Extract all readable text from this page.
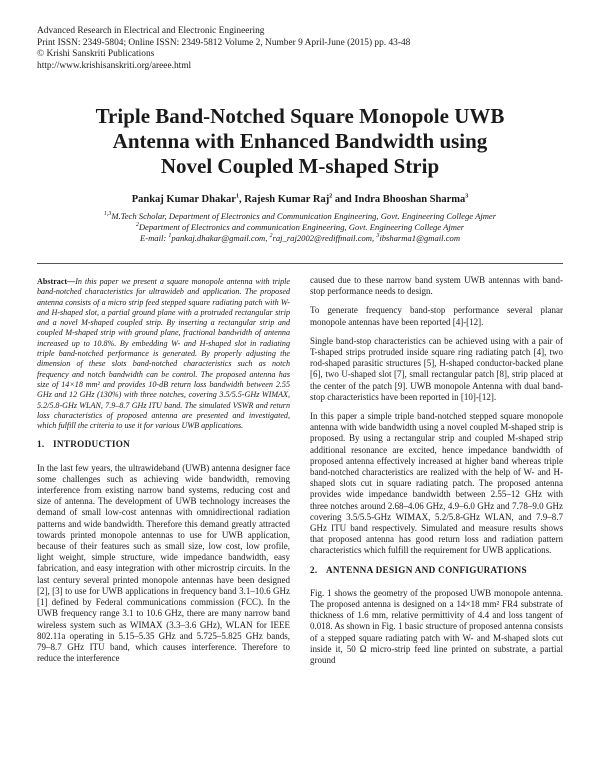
Advanced Research in Electrical and Electronic Engineering
Print ISSN: 2349-5804; Online ISSN: 2349-5812 Volume 2, Number 9 April-June (2015) pp. 43-48
© Krishi Sanskriti Publications
http://www.krishisanskriti.org/areee.html
Triple Band-Notched Square Monopole UWB
Antenna with Enhanced Bandwidth using
Novel Coupled M-shaped Strip
Pankaj Kumar Dhakar$^1$, Rajesh Kumar Raj$^2$ and Indra Bhooshan Sharma$^3$
$^{1,3}$M.Tech Scholar, Department of Electronics and Communication Engineering, Govt. Engineering College Ajmer
$^2$Department of Electronics and communication Engineering, Govt. Engineering College Ajmer
E-mail: $^1$pankaj.dhakar@gmail.com, $^2$raj_raj2002@rediffmail.com, $^3$ibsharma1@gmail.com

Abstract—In this paper we present a square monopole antenna with triple band-notched characteristics for ultrawideb and application. The proposed antenna consists of a micro strip feed stepped square radiating patch with W- and H-shaped slot, a partial ground plane with a protruded rectangular strip and a novel M-shaped coupled strip. By inserting a rectangular strip and coupled M-shaped strip with ground plane, fractional bandwidth of antenna increased up to 10.8%. By embedding W- and H-shaped slot in radiating triple band-notched performance is generated. By properly adjusting the dimension of these slots band-notched characteristics such as notch frequency and notch bandwidth can be control. The proposed antenna has size of 14×18 mm² and provides 10-dB return loss bandwidth between 2.55 GHz and 12 GHz (130%) with three notches, covering 3.5/5.5-GHz WIMAX, 5.2/5.8-GHz WLAN, 7.9–8.7 GHz ITU band. The simulated VSWR and return loss characteristics of proposed antenna are presented and investigated, which fulfill the criteria to use it for various UWB applications.

1. INTRODUCTION

In the last few years, the ultrawideband (UWB) antenna designer face some challenges such as achieving wide bandwidth, removing interference from existing narrow band systems, reducing cost and size of antenna. The development of UWB technology increases the demand of small low-cost antennas with omnidirectional radiation patterns and wide bandwidth. Therefore this demand greatly attracted towards printed monopole antennas to use for UWB application, because of their features such as small size, low cost, low profile, light weight, simple structure, wide impedance bandwidth, easy fabrication, and easy integration with other microstrip circuits. In the last century several printed monopole antennas have been designed [2], [3] to use for UWB applications in frequency band 3.1–10.6 GHz [1] defined by Federal communications commission (FCC). In the UWB frequency range 3.1 to 10.6 GHz, there are many narrow band wireless system such as WIMAX (3.3–3.6 GHz), WLAN for IEEE 802.11a operating in 5.15–5.35 GHz and 5.725–5.825 GHz bands, 79–8.7 GHz ITU band, which causes interference. Therefore to reduce the interference

caused due to these narrow band system UWB antennas with band-stop performance needs to design.

To generate frequency band-stop performance several planar monopole antennas have been reported [4]-[12].

Single band-stop characteristics can be achieved using with a pair of T-shaped strips protruded inside square ring radiating patch [4], two rod-shaped parasitic structures [5], H-shaped conductor-backed plane [6], two U-shaped slot [7], small rectangular patch [8], strip placed at the center of the patch [9]. UWB monopole Antenna with dual band-stop characteristics have been reported in [10]-[12].

In this paper a simple triple band-notched stepped square monopole antenna with wide bandwidth using a novel coupled M-shaped strip is proposed. By using a rectangular strip and coupled M-shaped strip additional resonance are excited, hence impedance bandwidth of proposed antenna effectively increased at higher band whereas triple band-notched characteristics are realized with the help of W- and H-shaped slots cut in square radiating patch. The proposed antenna provides wide impedance bandwidth between 2.55–12 GHz with three notches around 2.68–4.06 GHz, 4.9–6.0 GHz and 7.78–9.0 GHz covering 3.5/5.5-GHz WIMAX, 5.2/5.8-GHz WLAN, and 7.9–8.7 GHz ITU band respectively. Simulated and measure results shows that proposed antenna has good return loss and radiation pattern characteristics which fulfill the requirement for UWB applications.

2. ANTENNA DESIGN AND CONFIGURATIONS

Fig. 1 shows the geometry of the proposed UWB monopole antenna. The proposed antenna is designed on a 14×18 mm² FR4 substrate of thickness of 1.6 mm, relative permittivity of 4.4 and loss tangent of 0.018. As shown in Fig. 1 basic structure of proposed antenna consists of a stepped square radiating patch with W- and M-shaped slots cut inside it, 50 Ω micro-strip feed line printed on substrate, a partial ground
